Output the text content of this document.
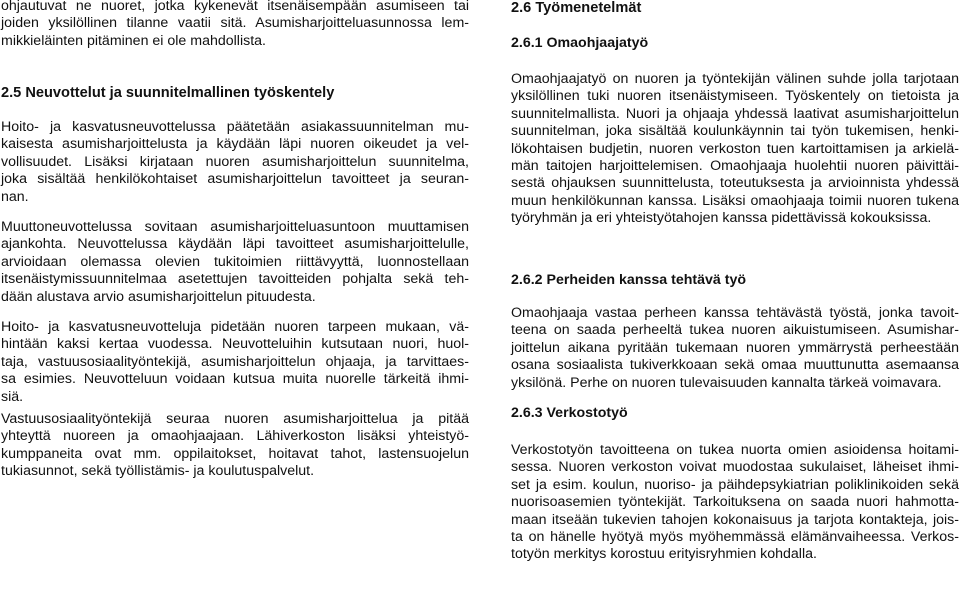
ohjautuvat ne nuoret, jotka kykenevät itsenäisempään asumiseen tai
joiden yksilöllinen tilanne vaatii sitä. Asumisharjoitteluasunnossa lem-
mikkieläinten pitäminen ei ole mahdollista.
2.5 Neuvottelut ja suunnitelmallinen työskentely
Hoito- ja kasvatusneuvottelussa päätetään asiakassuunnitelman mu-
kaisesta asumisharjoittelusta ja käydään läpi nuoren oikeudet ja vel-
vollisuudet. Lisäksi kirjataan nuoren asumisharjoittelun suunnitelma,
joka sisältää henkilökohtaiset asumisharjoittelun tavoitteet ja seuran-
nan.
Muuttoneuvottelussa sovitaan asumisharjoitteluasuntoon muuttamisen
ajankohta. Neuvottelussa käydään läpi tavoitteet asumisharjoittelulle,
arvioidaan olemassa olevien tukitoimien riittävyyttä, luonnostellaan
itsenäistymissuunnitelmaa asetettujen tavoitteiden pohjalta sekä teh-
dään alustava arvio asumisharjoittelun pituudesta.
Hoito- ja kasvatusneuvotteluja pidetään nuoren tarpeen mukaan, vä-
hintään kaksi kertaa vuodessa. Neuvotteluihin kutsutaan nuori, huol-
taja, vastuusosiaalityöntekijä, asumisharjoittelun ohjaaja, ja tarvittaes-
sa esimies. Neuvotteluun voidaan kutsua muita nuorelle tärkeitä ihmi-
siä.
Vastuusosiaalityöntekijä seuraa nuoren asumisharjoittelua ja pitää
yhteyttä nuoreen ja omaohjaajaan. Lähiverkoston lisäksi yhteistyö-
kumppaneita ovat mm. oppilaitokset, hoitavat tahot, lastensuojelun
tukiasunnot, sekä työllistämis- ja koulutuspalvelut.
2.6 Työmenetelmät
2.6.1 Omaohjaajatyö
Omaohjaajatyö on nuoren ja työntekijän välinen suhde jolla tarjotaan
yksilöllinen tuki nuoren itsenäistymiseen. Työskentely on tietoista ja
suunnitelmallista. Nuori ja ohjaaja yhdessä laativat asumisharjoittelun
suunnitelman, joka sisältää koulunkäynnin tai työn tukemisen, henki-
lökohtaisen budjetin, nuoren verkoston tuen kartoittamisen ja arkielä-
män taitojen harjoittelemisen. Omaohjaaja huolehtii nuoren päivittäi-
sestä ohjauksen suunnittelusta, toteutuksesta ja arvioinnista yhdessä
muun henkilökunnan kanssa. Lisäksi omaohjaaja toimii nuoren tukena
työryhmän ja eri yhteistyötahojen kanssa pidettävissä kokouksissa.
2.6.2 Perheiden kanssa tehtävä työ
Omaohjaaja vastaa perheen kanssa tehtävästä työstä, jonka tavoit-
teena on saada perheeltä tukea nuoren aikuistumiseen. Asumishar-
joittelun aikana pyritään tukemaan nuoren ymmärrystä perheestään
osana sosiaalista tukiverkkoaan sekä omaa muuttunutta asemaansa
yksilönä. Perhe on nuoren tulevaisuuden kannalta tärkeä voimavara.
2.6.3 Verkostotyö
Verkostotyön tavoitteena on tukea nuorta omien asioidensa hoitami-
sessa. Nuoren verkoston voivat muodostaa sukulaiset, läheiset ihmi-
set ja esim. koulun, nuoriso- ja päihdepsykiatrian poliklinikoiden sekä
nuorisoasemien työntekijät. Tarkoituksena on saada nuori hahmotta-
maan itseään tukevien tahojen kokonaisuus ja tarjota kontakteja, jois-
ta on hänelle hyötyä myös myöhemmässä elämänvaiheessa. Verkos-
totyön merkitys korostuu erityisryhmien kohdalla.
